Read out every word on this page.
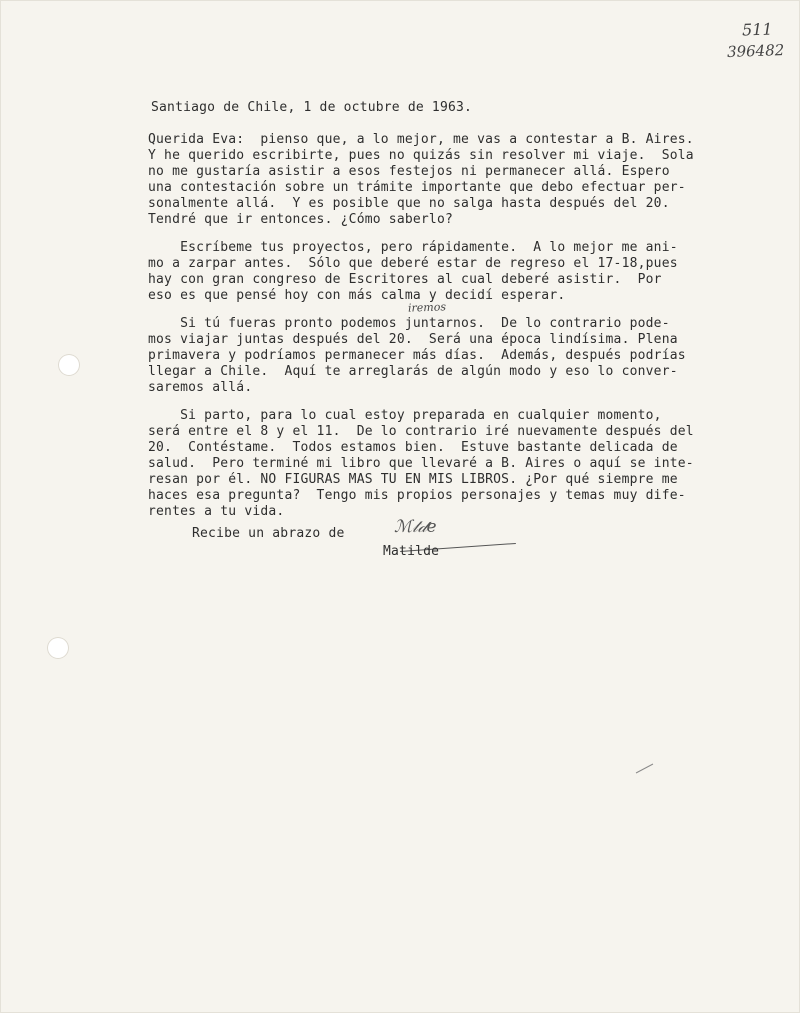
511
396482
Santiago de Chile, 1 de octubre de 1963.
Querida Eva:  pienso que, a lo mejor, me vas a contestar a B. Aires.
Y he querido escribirte, pues no quizás sin resolver mi viaje.  Sola
no me gustaría asistir a esos festejos ni permanecer allá. Espero
una contestación sobre un trámite importante que debo efectuar per-
sonalmente allá.  Y es posible que no salga hasta después del 20.
Tendré que ir entonces. ¿Cómo saberlo?
Escríbeme tus proyectos, pero rápidamente.  A lo mejor me ani-
mo a zarpar antes.  Sólo que deberé estar de regreso el 17-18,pues
hay con gran congreso de Escritores al cual deberé asistir.  Por
eso es que pensé hoy con más calma y decidí esperar.
Si tú fueras pronto podemos juntarnos.  De lo contrario pode-
mos viajar juntas después del 20.  Será una época lindísima. Plena
primavera y podríamos permanecer más días.  Además, después podrías
llegar a Chile.  Aquí te arreglarás de algún modo y eso lo conver-
saremos allá.
Si parto, para lo cual estoy preparada en cualquier momento,
será entre el 8 y el 11.  De lo contrario iré nuevamente después del
20.  Contéstame.  Todos estamos bien.  Estuve bastante delicada de
salud.  Pero terminé mi libro que llevaré a B. Aires o aquí se inte-
resan por él. NO FIGURAS MAS TU EN MIS LIBROS. ¿Por qué siempre me
haces esa pregunta?  Tengo mis propios personajes y temas muy dife-
rentes a tu vida.
iremos
Recibe un abrazo de	ℳ𝓉𝒹𝑒
Matilde
